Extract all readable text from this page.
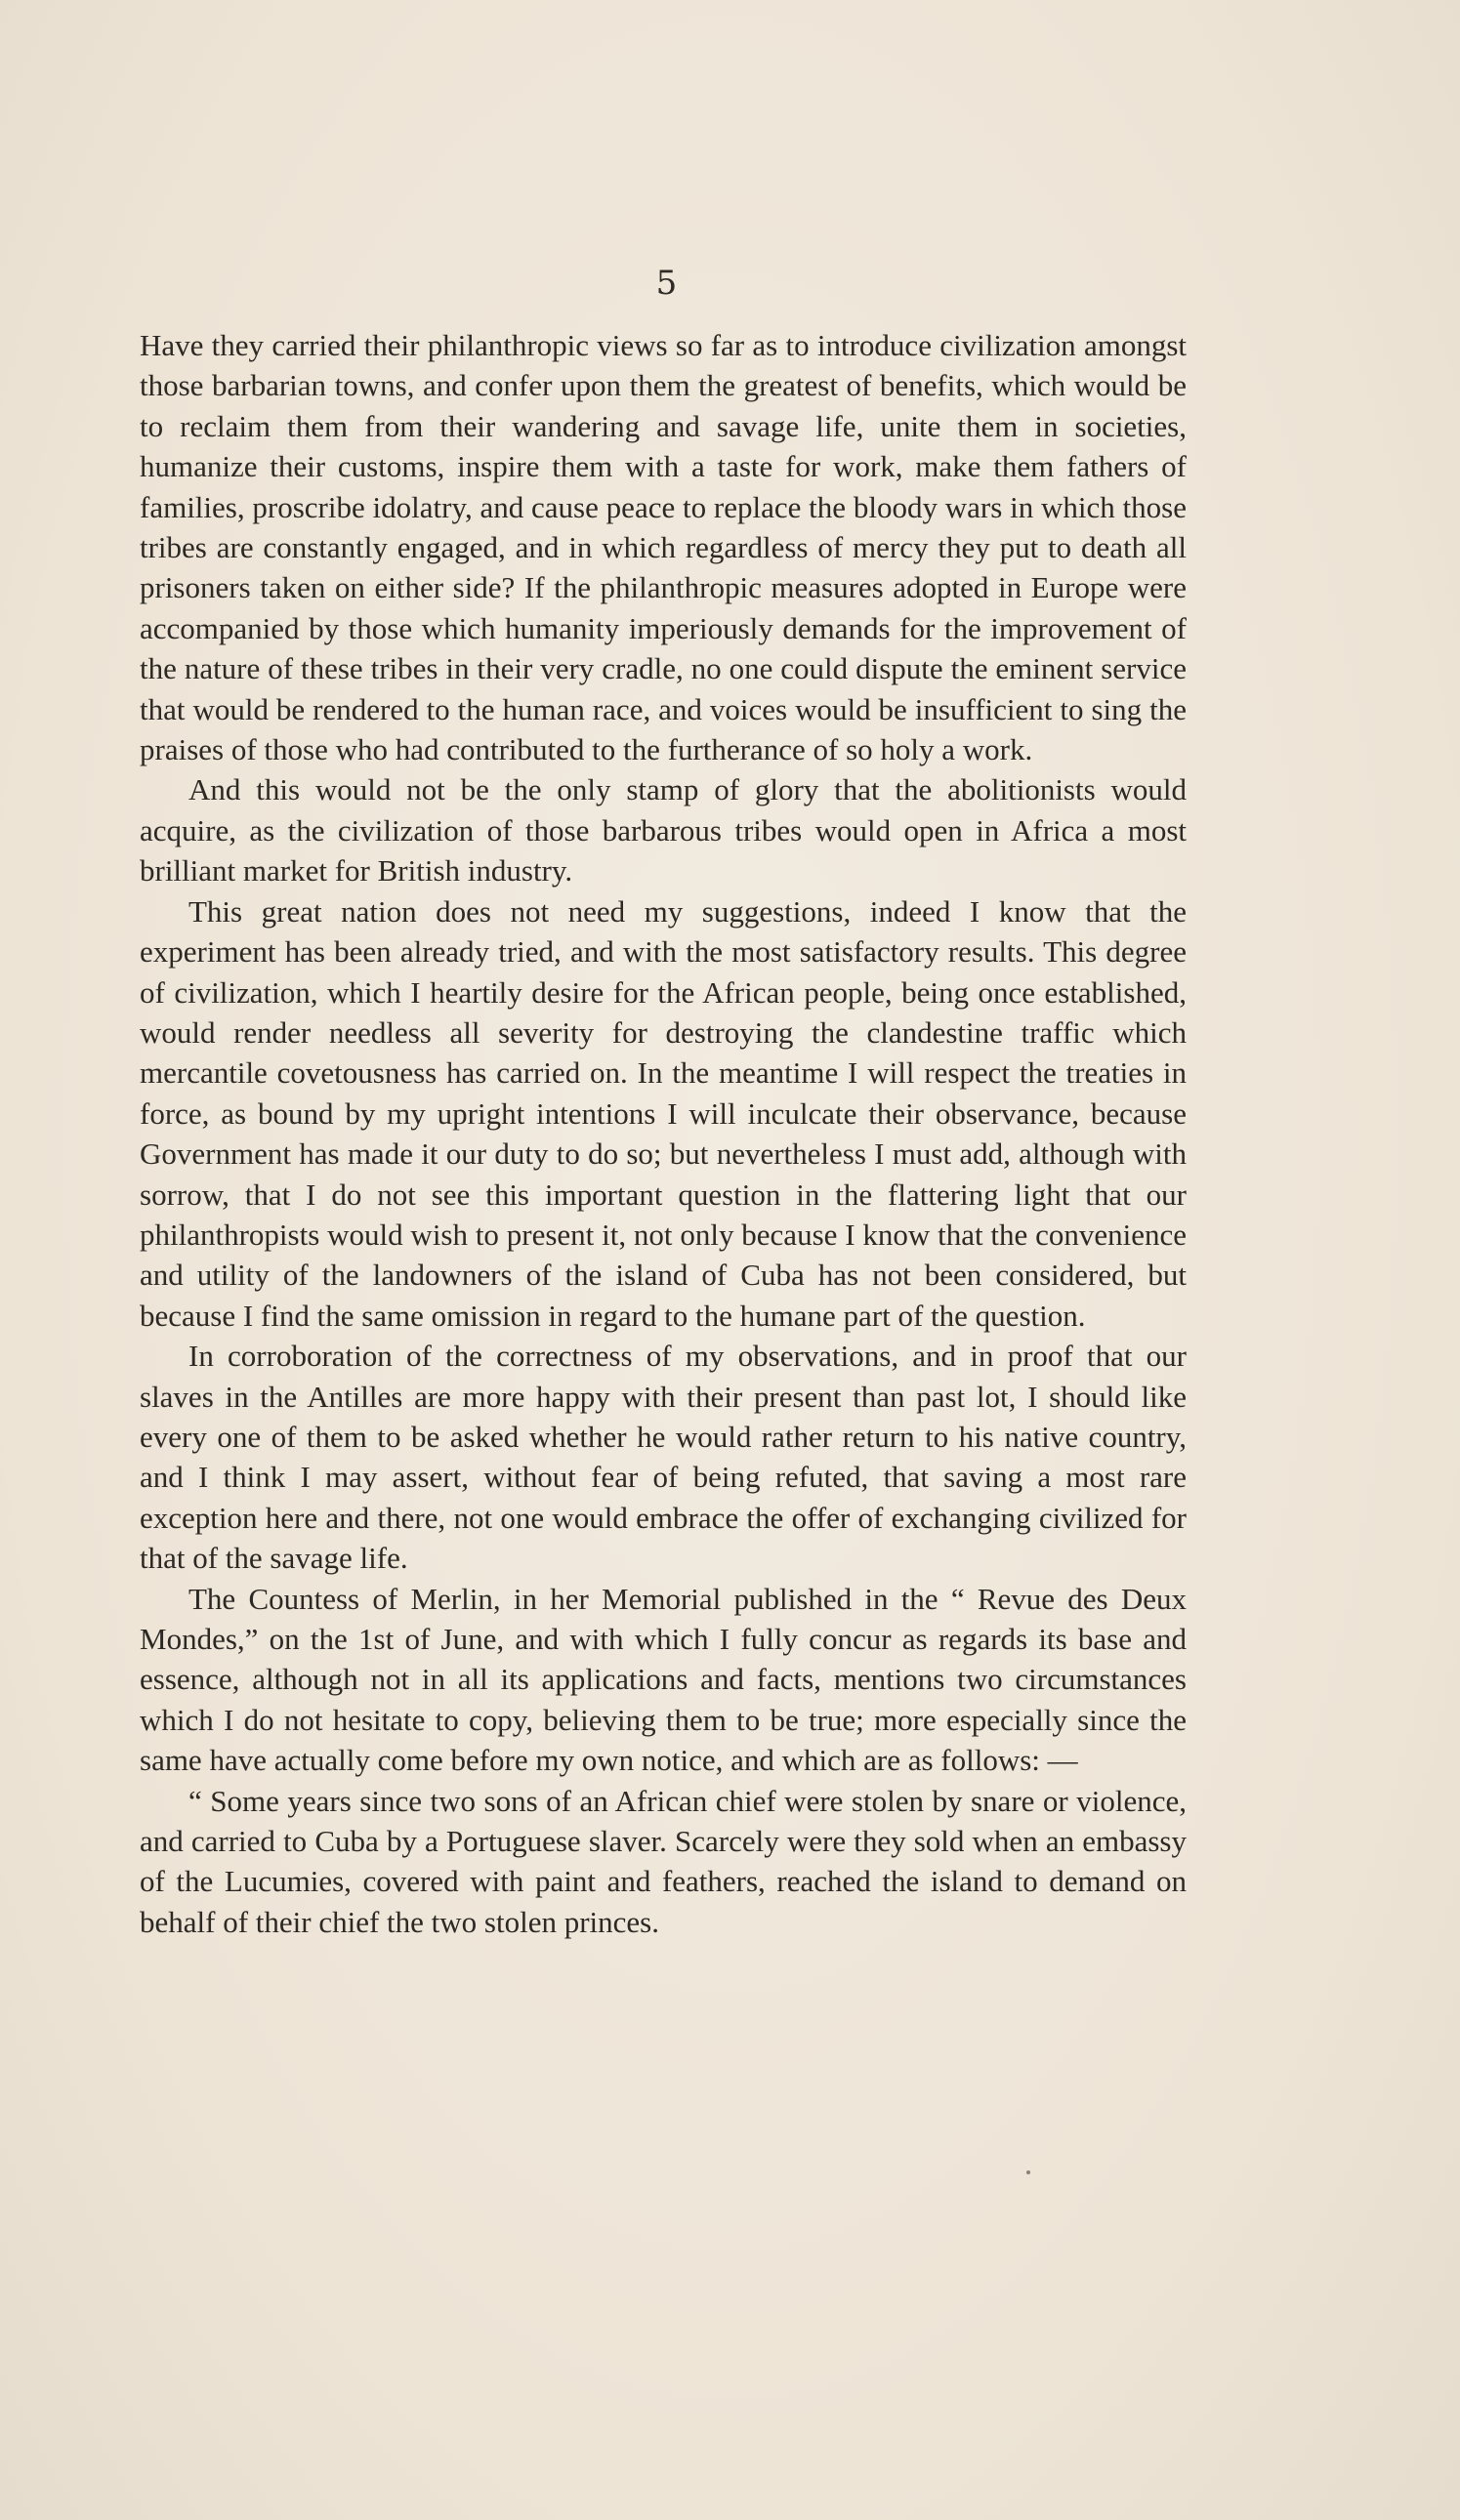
5

Have they carried their philanthropic views so far as to introduce civilization amongst those barbarian towns, and confer upon them the greatest of benefits, which would be to reclaim them from their wandering and savage life, unite them in societies, humanize their customs, inspire them with a taste for work, make them fathers of families, proscribe idolatry, and cause peace to replace the bloody wars in which those tribes are constantly engaged, and in which regardless of mercy they put to death all prisoners taken on either side? If the philanthropic measures adopted in Europe were accompanied by those which humanity imperiously demands for the improvement of the nature of these tribes in their very cradle, no one could dispute the eminent service that would be rendered to the human race, and voices would be insufficient to sing the praises of those who had contributed to the furtherance of so holy a work.

And this would not be the only stamp of glory that the abolitionists would acquire, as the civilization of those barbarous tribes would open in Africa a most brilliant market for British industry.

This great nation does not need my suggestions, indeed I know that the experiment has been already tried, and with the most satisfactory results. This degree of civilization, which I heartily desire for the African people, being once established, would render needless all severity for destroying the clandestine traffic which mercantile covetousness has carried on. In the meantime I will respect the treaties in force, as bound by my upright intentions I will inculcate their observance, because Government has made it our duty to do so; but nevertheless I must add, although with sorrow, that I do not see this important question in the flattering light that our philanthropists would wish to present it, not only because I know that the convenience and utility of the landowners of the island of Cuba has not been considered, but because I find the same omission in regard to the humane part of the question.

In corroboration of the correctness of my observations, and in proof that our slaves in the Antilles are more happy with their present than past lot, I should like every one of them to be asked whether he would rather return to his native country, and I think I may assert, without fear of being refuted, that saving a most rare exception here and there, not one would embrace the offer of exchanging civilized for that of the savage life.

The Countess of Merlin, in her Memorial published in the “ Revue des Deux Mondes,” on the 1st of June, and with which I fully concur as regards its base and essence, although not in all its applications and facts, mentions two circumstances which I do not hesitate to copy, believing them to be true; more especially since the same have actually come before my own notice, and which are as follows: —

“ Some years since two sons of an African chief were stolen by snare or violence, and carried to Cuba by a Portuguese slaver. Scarcely were they sold when an embassy of the Lucumies, covered with paint and feathers, reached the island to demand on behalf of their chief the two stolen princes.
